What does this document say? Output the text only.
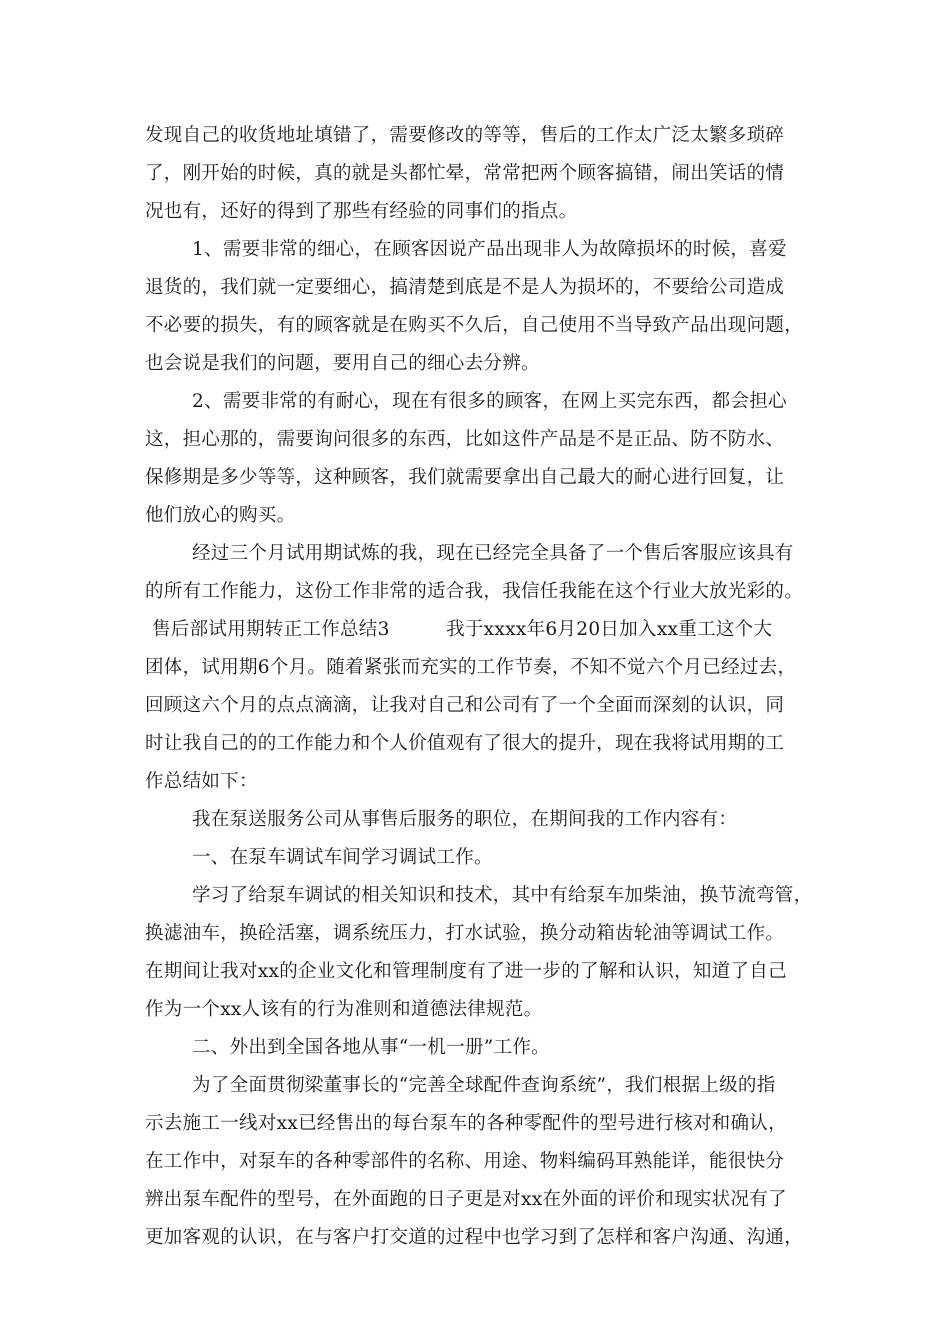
发现自己的收货地址填错了，需要修改的等等，售后的工作太广泛太繁多琐碎
了，刚开始的时候，真的就是头都忙晕，常常把两个顾客搞错，闹出笑话的情
况也有，还好的得到了那些有经验的同事们的指点。
1、需要非常的细心，在顾客因说产品出现非人为故障损坏的时候，喜爱
退货的，我们就一定要细心，搞清楚到底是不是人为损坏的，不要给公司造成
不必要的损失，有的顾客就是在购买不久后，自己使用不当导致产品出现问题，
也会说是我们的问题，要用自己的细心去分辨。
2、需要非常的有耐心，现在有很多的顾客，在网上买完东西，都会担心
这，担心那的，需要询问很多的东西，比如这件产品是不是正品、防不防水、
保修期是多少等等，这种顾客，我们就需要拿出自己最大的耐心进行回复，让
他们放心的购买。
经过三个月试用期试炼的我，现在已经完全具备了一个售后客服应该具有
的所有工作能力，这份工作非常的适合我，我信任我能在这个行业大放光彩的。
售后部试用期转正工作总结3　　　我于xxxx年6月20日加入xx重工这个大
团体，试用期6个月。随着紧张而充实的工作节奏，不知不觉六个月已经过去，
回顾这六个月的点点滴滴，让我对自己和公司有了一个全面而深刻的认识，同
时让我自己的的工作能力和个人价值观有了很大的提升，现在我将试用期的工
作总结如下：
我在泵送服务公司从事售后服务的职位，在期间我的工作内容有：
一、在泵车调试车间学习调试工作。
学习了给泵车调试的相关知识和技术，其中有给泵车加柴油，换节流弯管，
换滤油车，换砼活塞，调系统压力，打水试验，换分动箱齿轮油等调试工作。
在期间让我对xx的企业文化和管理制度有了进一步的了解和认识，知道了自己
作为一个xx人该有的行为准则和道德法律规范。
二、外出到全国各地从事“一机一册”工作。
为了全面贯彻梁董事长的“完善全球配件查询系统”，我们根据上级的指
示去施工一线对xx已经售出的每台泵车的各种零配件的型号进行核对和确认，
在工作中，对泵车的各种零部件的名称、用途、物料编码耳熟能详，能很快分
辨出泵车配件的型号，在外面跑的日子更是对xx在外面的评价和现实状况有了
更加客观的认识，在与客户打交道的过程中也学习到了怎样和客户沟通、沟通，
